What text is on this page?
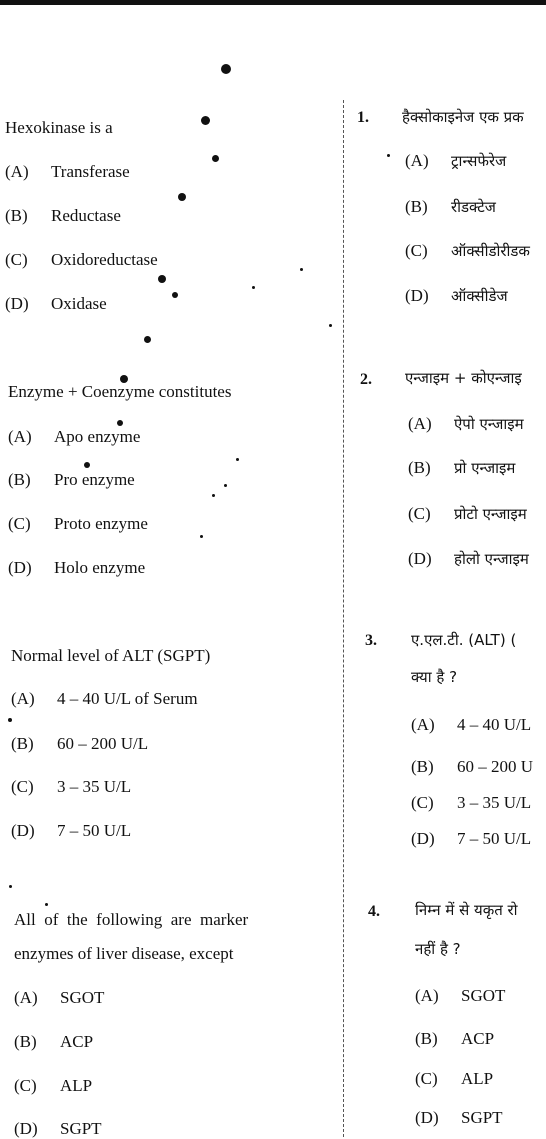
Hexokinase is a
(A) Transferase
(B) Reductase
(C) Oxidoreductase
(D) Oxidase
Enzyme + Coenzyme constitutes
(A) Apo enzyme
(B) Pro enzyme
(C) Proto enzyme
(D) Holo enzyme
Normal level of ALT (SGPT)
(A) 4 – 40 U/L of Serum
(B) 60 – 200 U/L
(C) 3 – 35 U/L
(D) 7 – 50 U/L
All  of  the  following  are  marker
enzymes of liver disease, except
(A) SGOT
(B) ACP
(C) ALP
(D) SGPT
1. हैक्सोकाइनेज एक प्रक
(A) ट्रान्सफेरेज
(B) रीडक्टेज
(C) ऑक्सीडोरीडक
(D) ऑक्सीडेज
2. एन्जाइम + कोएन्जाइ
(A) ऐपो एन्जाइम
(B) प्रो एन्जाइम
(C) प्रोटो एन्जाइम
(D) होलो एन्जाइम
3. ए.एल.टी. (ALT) (
क्या है ?
(A) 4 – 40 U/L
(B) 60 – 200 U
(C) 3 – 35 U/L
(D) 7 – 50 U/L
4. निम्न में से यकृत रो
नहीं है ?
(A) SGOT
(B) ACP
(C) ALP
(D) SGPT
